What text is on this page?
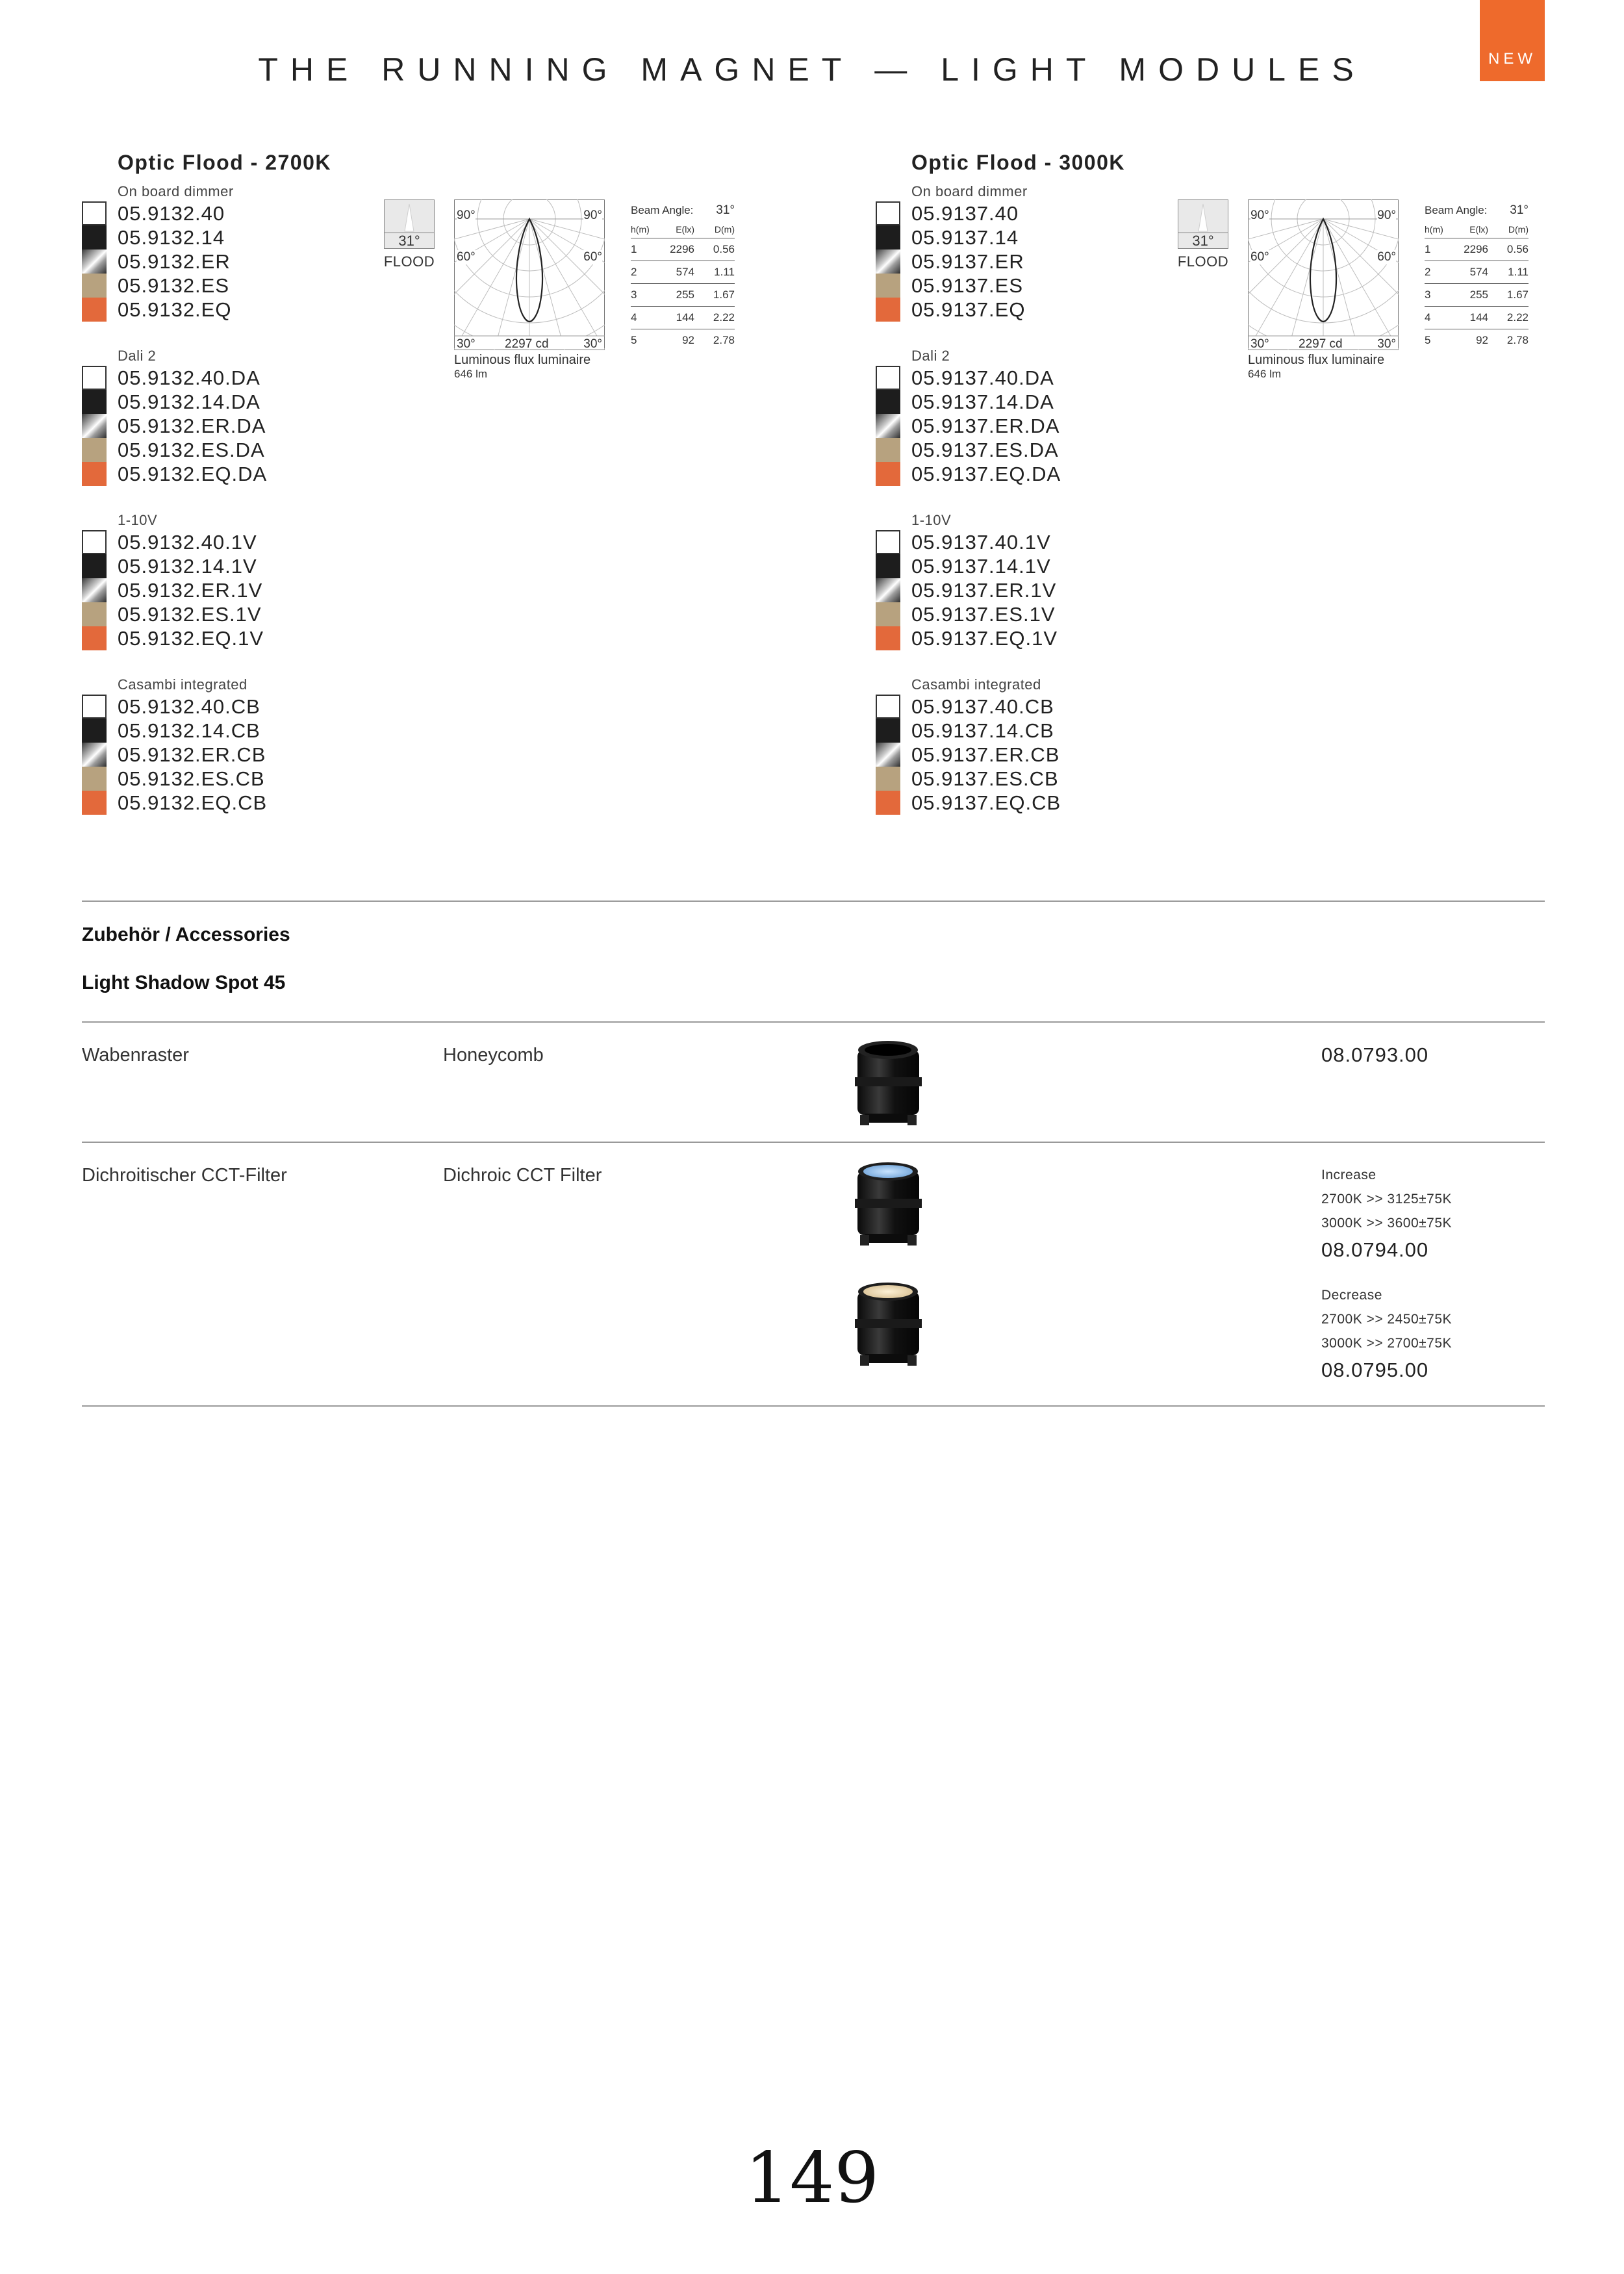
NEW
THE RUNNING MAGNET — LIGHT MODULES
Optic Flood - 2700K
On board dimmer
05.9132.40
05.9132.14
05.9132.ER
05.9132.ES
05.9132.EQ
Dali 2
05.9132.40.DA
05.9132.14.DA
05.9132.ER.DA
05.9132.ES.DA
05.9132.EQ.DA
1-10V
05.9132.40.1V
05.9132.14.1V
05.9132.ER.1V
05.9132.ES.1V
05.9132.EQ.1V
Casambi integrated
05.9132.40.CB
05.9132.14.CB
05.9132.ER.CB
05.9132.ES.CB
05.9132.EQ.CB
31°
FLOOD
90°	90°
60°	60°
30° 2297 cd	30°
Luminous flux luminaire
646 lm
Beam Angle: 31°
h(m)	E(lx)	D(m)
1	2296	0.56
2	574	1.11
3	255	1.67
4	144	2.22
5	92	2.78
Optic Flood - 3000K
On board dimmer
05.9137.40
05.9137.14
05.9137.ER
05.9137.ES
05.9137.EQ
Dali 2
05.9137.40.DA
05.9137.14.DA
05.9137.ER.DA
05.9137.ES.DA
05.9137.EQ.DA
1-10V
05.9137.40.1V
05.9137.14.1V
05.9137.ER.1V
05.9137.ES.1V
05.9137.EQ.1V
Casambi integrated
05.9137.40.CB
05.9137.14.CB
05.9137.ER.CB
05.9137.ES.CB
05.9137.EQ.CB
31°
FLOOD
90°	90°
60°	60°
30° 2297 cd	30°
Luminous flux luminaire
646 lm
Beam Angle: 31°
h(m)	E(lx)	D(m)
1	2296	0.56
2	574	1.11
3	255	1.67
4	144	2.22
5	92	2.78
Zubehör / Accessories
Light Shadow Spot 45
Wabenraster	Honeycomb	08.0793.00
Dichroitischer CCT-Filter	Dichroic CCT Filter	Increase
2700K >> 3125±75K
3000K >> 3600±75K
08.0794.00
Decrease
2700K >> 2450±75K
3000K >> 2700±75K
08.0795.00
149
